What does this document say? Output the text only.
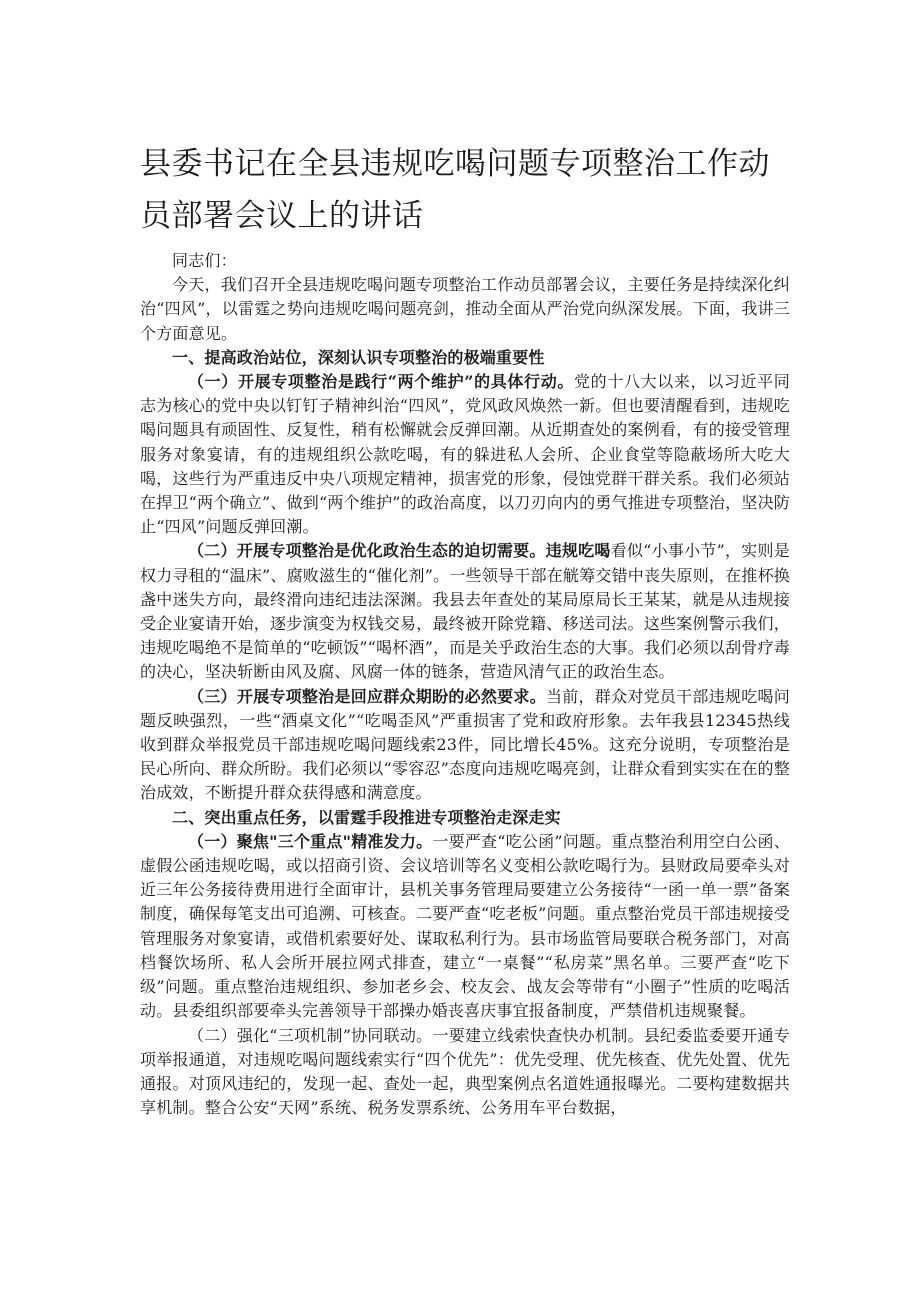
县委书记在全县违规吃喝问题专项整治工作动员部署会议上的讲话

同志们：

今天，我们召开全县违规吃喝问题专项整治工作动员部署会议，主要任务是持续深化纠治“四风”，以雷霆之势向违规吃喝问题亮剑，推动全面从严治党向纵深发展。下面，我讲三个方面意见。

一、提高政治站位，深刻认识专项整治的极端重要性

（一）开展专项整治是践行“两个维护”的具体行动。党的十八大以来，以习近平同志为核心的党中央以钉钉子精神纠治“四风”，党风政风焕然一新。但也要清醒看到，违规吃喝问题具有顽固性、反复性，稍有松懈就会反弹回潮。从近期查处的案例看，有的接受管理服务对象宴请，有的违规组织公款吃喝，有的躲进私人会所、企业食堂等隐蔽场所大吃大喝，这些行为严重违反中央八项规定精神，损害党的形象，侵蚀党群干群关系。我们必须站在捍卫“两个确立”、做到“两个维护”的政治高度，以刀刃向内的勇气推进专项整治，坚决防止“四风”问题反弹回潮。

（二）开展专项整治是优化政治生态的迫切需要。违规吃喝看似“小事小节”，实则是权力寻租的“温床”、腐败滋生的“催化剂”。一些领导干部在觥筹交错中丧失原则，在推杯换盏中迷失方向，最终滑向违纪违法深渊。我县去年查处的某局原局长王某某，就是从违规接受企业宴请开始，逐步演变为权钱交易，最终被开除党籍、移送司法。这些案例警示我们，违规吃喝绝不是简单的“吃顿饭”“喝杯酒”，而是关乎政治生态的大事。我们必须以刮骨疗毒的决心，坚决斩断由风及腐、风腐一体的链条，营造风清气正的政治生态。

（三）开展专项整治是回应群众期盼的必然要求。当前，群众对党员干部违规吃喝问题反映强烈，一些“酒桌文化”“吃喝歪风”严重损害了党和政府形象。去年我县12345热线收到群众举报党员干部违规吃喝问题线索23件，同比增长45%。这充分说明，专项整治是民心所向、群众所盼。我们必须以“零容忍”态度向违规吃喝亮剑，让群众看到实实在在的整治成效，不断提升群众获得感和满意度。

二、突出重点任务，以雷霆手段推进专项整治走深走实

（一）聚焦"三个重点"精准发力。一要严查“吃公函”问题。重点整治利用空白公函、虚假公函违规吃喝，或以招商引资、会议培训等名义变相公款吃喝行为。县财政局要牵头对近三年公务接待费用进行全面审计，县机关事务管理局要建立公务接待“一函一单一票”备案制度，确保每笔支出可追溯、可核查。二要严查“吃老板”问题。重点整治党员干部违规接受管理服务对象宴请，或借机索要好处、谋取私利行为。县市场监管局要联合税务部门，对高档餐饮场所、私人会所开展拉网式排查，建立“一桌餐”“私房菜”黑名单。三要严查“吃下级”问题。重点整治违规组织、参加老乡会、校友会、战友会等带有“小圈子”性质的吃喝活动。县委组织部要牵头完善领导干部操办婚丧喜庆事宜报备制度，严禁借机违规聚餐。

（二）强化“三项机制”协同联动。一要建立线索快查快办机制。县纪委监委要开通专项举报通道，对违规吃喝问题线索实行“四个优先”：优先受理、优先核查、优先处置、优先通报。对顶风违纪的，发现一起、查处一起，典型案例点名道姓通报曝光。二要构建数据共享机制。整合公安“天网”系统、税务发票系统、公务用车平台数据，
